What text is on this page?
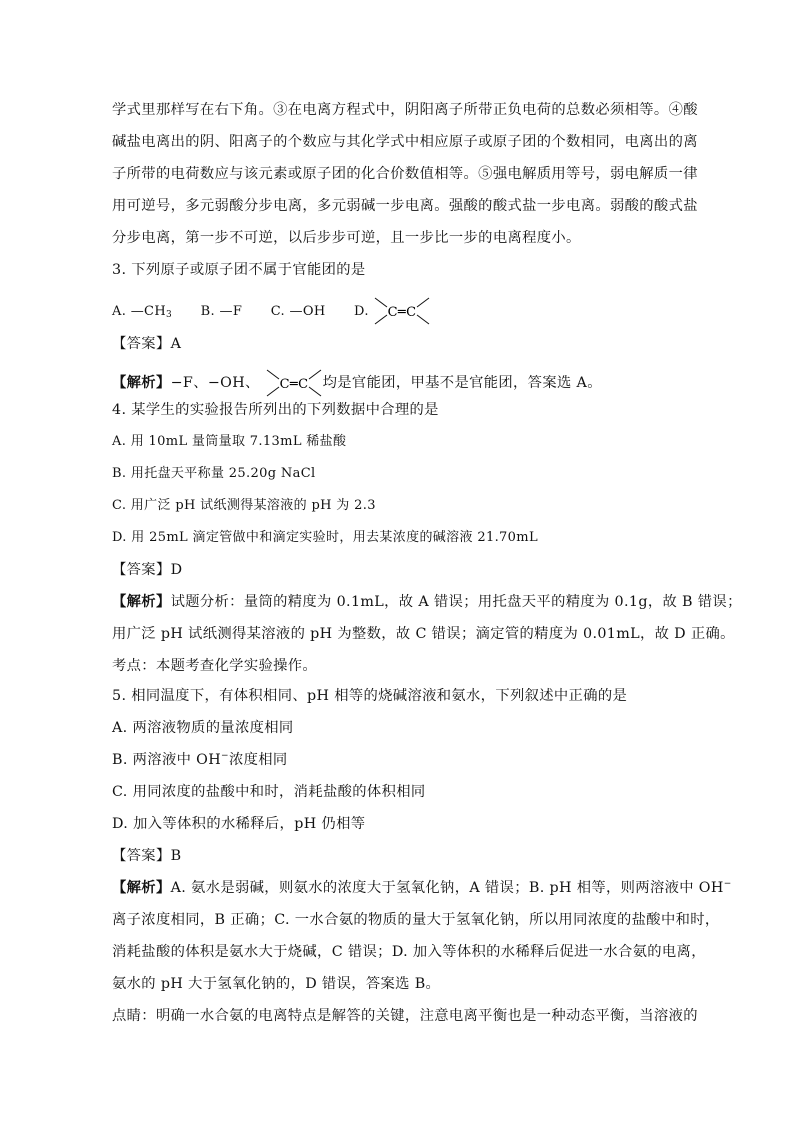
学式里那样写在右下角。③在电离方程式中，阴阳离子所带正负电荷的总数必须相等。④酸
碱盐电离出的阴、阳离子的个数应与其化学式中相应原子或原子团的个数相同，电离出的离
子所带的电荷数应与该元素或原子团的化合价数值相等。⑤强电解质用等号，弱电解质一律
用可逆号，多元弱酸分步电离，多元弱碱一步电离。强酸的酸式盐一步电离。弱酸的酸式盐
分步电离，第一步不可逆，以后步步可逆，且一步比一步的电离程度小。
3. 下列原子或原子团不属于官能团的是
A. $—CH_3$ B. —F C. —OH D. C═C
【答案】A
【解析】−F、−OH、 C═C 均是官能团，甲基不是官能团，答案选 A。
4. 某学生的实验报告所列出的下列数据中合理的是
A. 用 10mL 量筒量取 7.13mL 稀盐酸
B. 用托盘天平称量 25.20g NaCl
C. 用广泛 pH 试纸测得某溶液的 pH 为 2.3
D. 用 25mL 滴定管做中和滴定实验时，用去某浓度的碱溶液 21.70mL
【答案】D
【解析】试题分析：量筒的精度为 0.1mL，故 A 错误；用托盘天平的精度为 0.1g，故 B 错误；
用广泛 pH 试纸测得某溶液的 pH 为整数，故 C 错误；滴定管的精度为 0.01mL，故 D 正确。
考点：本题考查化学实验操作。
5. 相同温度下，有体积相同、pH 相等的烧碱溶液和氨水，下列叙述中正确的是
A. 两溶液物质的量浓度相同
B. 两溶液中 OH−浓度相同
C. 用同浓度的盐酸中和时，消耗盐酸的体积相同
D. 加入等体积的水稀释后，pH 仍相等
【答案】B
【解析】A. 氨水是弱碱，则氨水的浓度大于氢氧化钠，A 错误；B. pH 相等，则两溶液中 OH−
离子浓度相同，B 正确；C. 一水合氨的物质的量大于氢氧化钠，所以用同浓度的盐酸中和时，
消耗盐酸的体积是氨水大于烧碱，C 错误；D. 加入等体积的水稀释后促进一水合氨的电离，
氨水的 pH 大于氢氧化钠的，D 错误，答案选 B。
点睛：明确一水合氨的电离特点是解答的关键，注意电离平衡也是一种动态平衡，当溶液的
